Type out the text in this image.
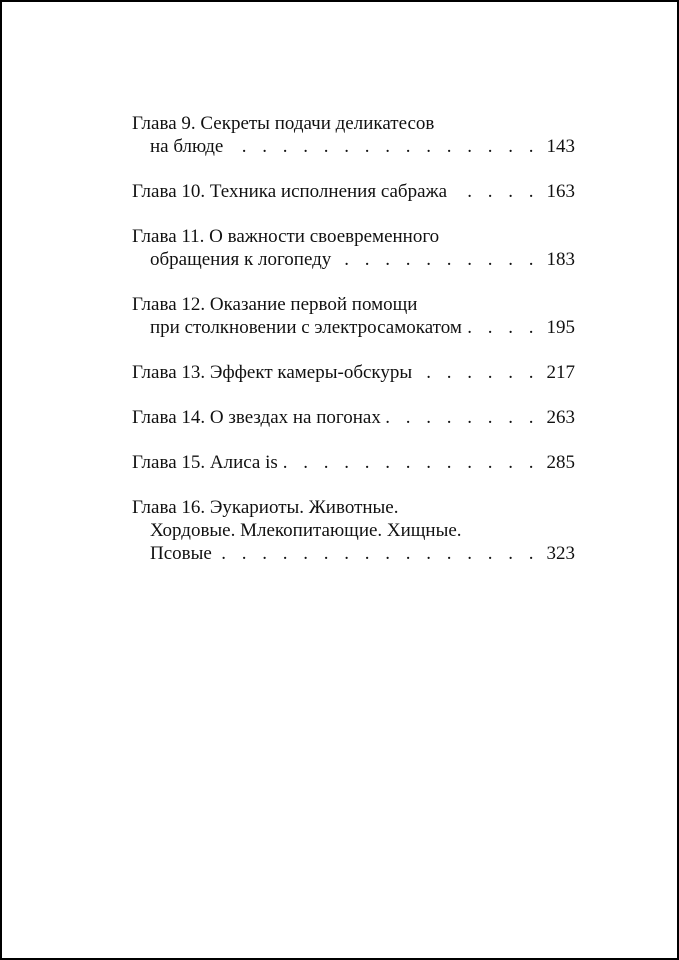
Глава 9. Секреты подачи деликатесов
на блюде . . .	143
Глава 10. Техника исполнения сабража . . .	163
Глава 11. О важности своевременного
обращения к логопеду . . .	183
Глава 12. Оказание первой помощи
при столкновении с электросамокатом . . .	195
Глава 13. Эффект камеры-обскуры . . .	217
Глава 14. О звездах на погонах . . .	263
Глава 15. Алиса is . . .	285
Глава 16. Эукариоты. Животные.
Хордовые. Млекопитающие. Хищные.
Псовые . . .	323
